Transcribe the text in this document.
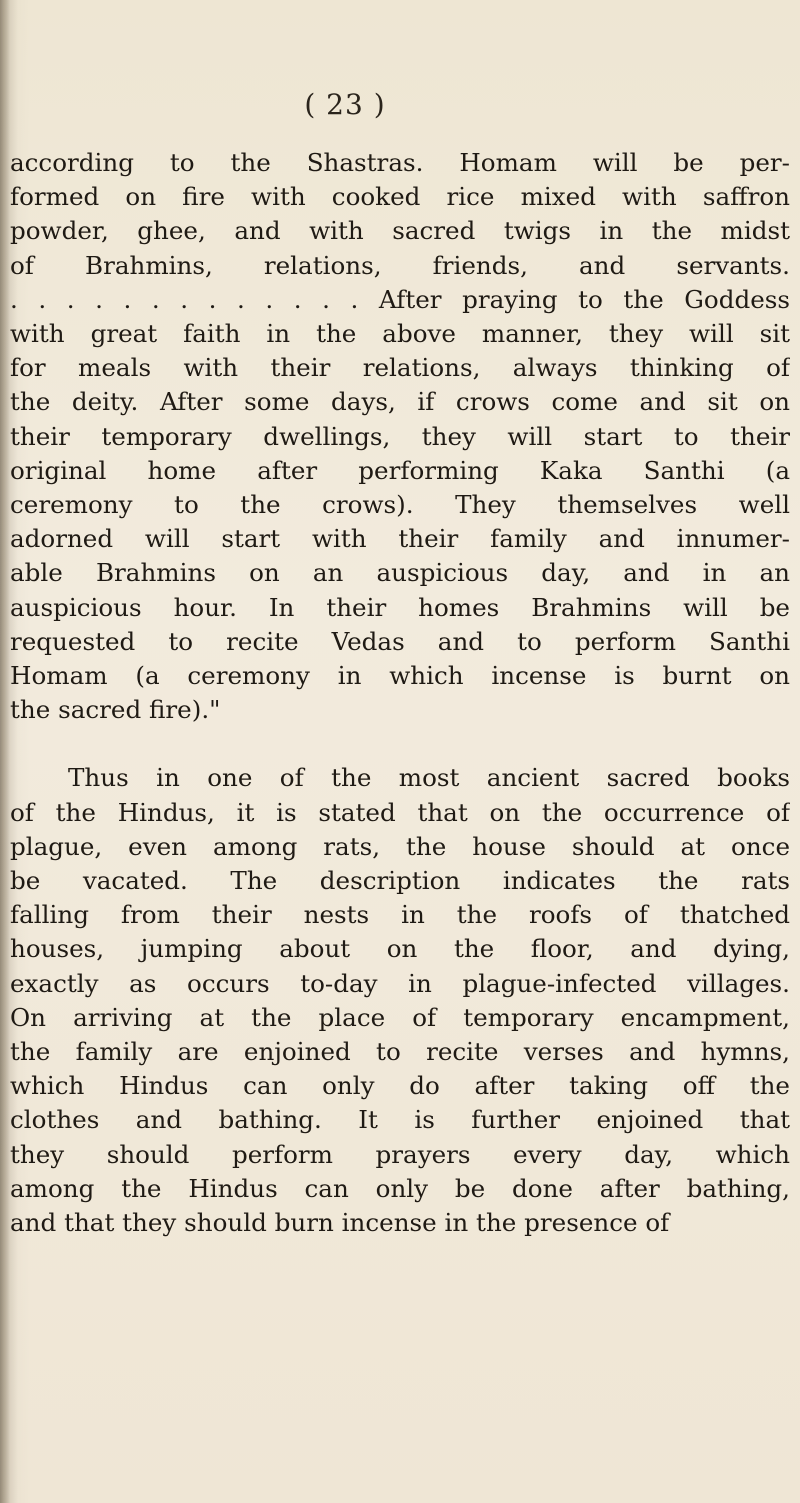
( 23 )
according to the Shastras. Homam will be per-
formed on fire with cooked rice mixed with saffron
powder, ghee, and with sacred twigs in the midst
of Brahmins, relations, friends, and servants.
. . . . . . . . . . . . . After praying to the Goddess
with great faith in the above manner, they will sit
for meals with their relations, always thinking of
the deity. After some days, if crows come and sit on
their temporary dwellings, they will start to their
original home after performing Kaka Santhi (a
ceremony to the crows). They themselves well
adorned will start with their family and innumer-
able Brahmins on an auspicious day, and in an
auspicious hour. In their homes Brahmins will be
requested to recite Vedas and to perform Santhi
Homam (a ceremony in which incense is burnt on
the sacred fire)."
Thus in one of the most ancient sacred books
of the Hindus, it is stated that on the occurrence of
plague, even among rats, the house should at once
be vacated. The description indicates the rats
falling from their nests in the roofs of thatched
houses, jumping about on the floor, and dying,
exactly as occurs to-day in plague-infected villages.
On arriving at the place of temporary encampment,
the family are enjoined to recite verses and hymns,
which Hindus can only do after taking off the
clothes and bathing. It is further enjoined that
they should perform prayers every day, which
among the Hindus can only be done after bathing,
and that they should burn incense in the presence of
